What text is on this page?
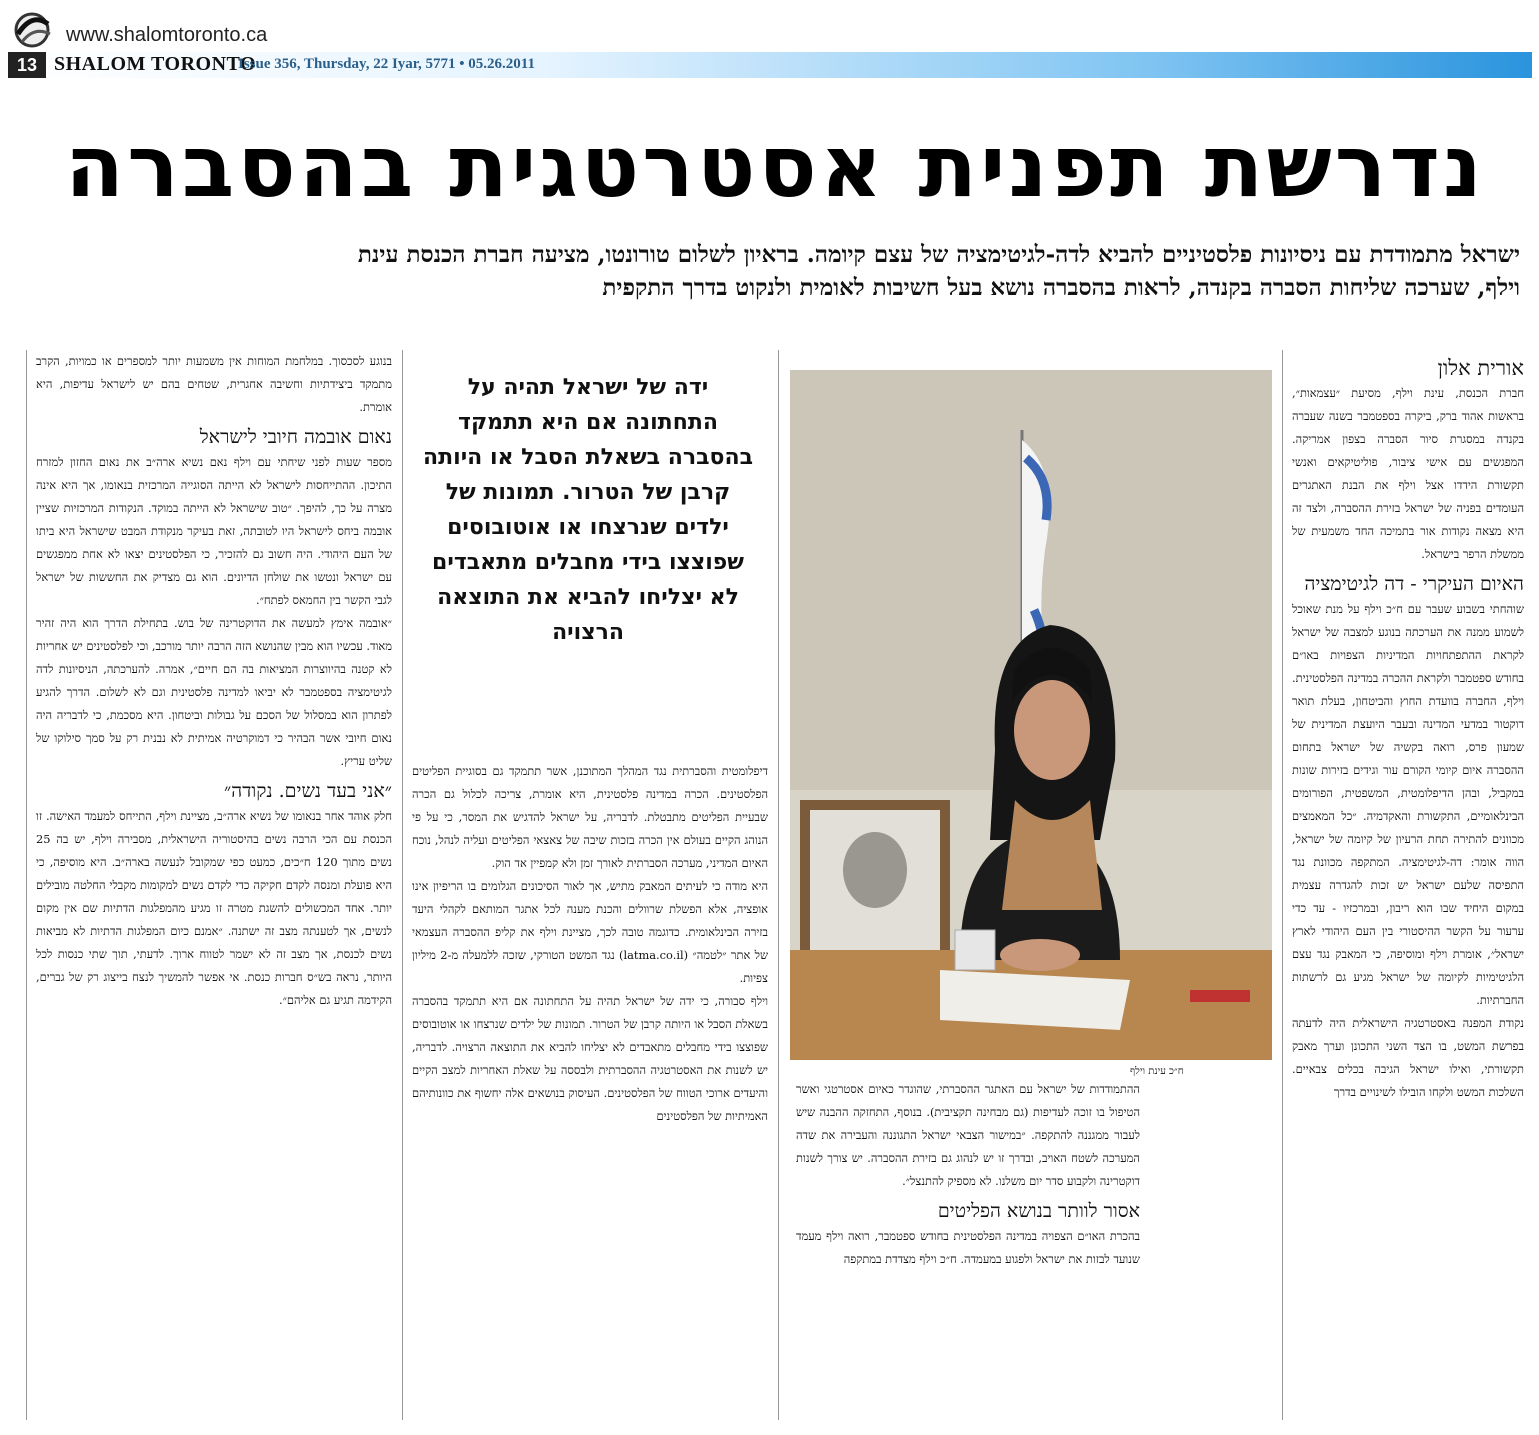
www.shalomtoronto.ca
13 SHALOM TORONTO
Issue 356, Thursday, 22 Iyar, 5771 • 05.26.2011
נדרשת תפנית אסטרטגית בהסברה

ישראל מתמודדת עם ניסיונות פלסטיניים להביא לדה-לגיטימציה של עצם קיומה. בראיון לשלום טורונטו, מציעה חברת הכנסת עינת

וילף, שערכה שליחות הסברה בקנדה, לראות בהסברה נושא בעל חשיבות לאומית ולנקוט בדרך התקפית

אורית אלון

חברת הכנסת, עינת וילף, מסיעת ״עצמאות״, בראשות אהוד ברק, ביקרה בספטמבר בשנה שעברה בקנדה במסגרת סיור הסברה בצפון אמריקה. המפגשים עם אישי ציבור, פוליטיקאים ואנשי תקשורת הידדו אצל וילף את הבנת האתגרים העומדים בפניה של ישראל בזירת ההסברה, ולצד זה היא מצאה נקודות אור בתמיכה החד משמעית של ממשלת הרפר בישראל.

האיום העיקרי - דה לגיטימציה

שוהחתי בשבוע שעבר עם ח״כ וילף על מנת שאוכל לשמוע ממנה את הערכתה בנוגע למצבה של ישראל לקראת ההתפתחויות המדיניות הצפויות באו״ם בחודש ספטמבר ולקראת ההכרה במדינה הפלסטינית. וילף, החברה בוועדת החוץ והביטחון, בעלת תואר דוקטור במדעי המדינה ובעבר היועצת המדינית של שמעון פרס, רואה בקשיה של ישראל בתחום ההסברה איום קיומי הקורם עור וגידים בזירות שונות במקביל, ובהן הדיפלומטית, המשפטית, הפורומים הבינלאומיים, התקשורת והאקדמיה. ״כל המאמצים מכוונים להתירה תחת הרעיון של קיומה של ישראל, הווה אומר: דה-לגיטימציה. המתקפה מכוונת נגד התפיסה שלעם ישראל יש זכות להגדרה עצמית במקום היחיד שבו הוא ריבון, ובמרכזיו - עד כדי ערעור על הקשר ההיסטורי בין העם היהודי לארץ ישראל״, אומרת וילף ומוסיפה, כי המאבק נגד עצם הלגיטימיות לקיומה של ישראל מגיע גם לרשתות החברתיות.

נקודת המפנה באסטרטגיה הישראלית היה לדעתה בפרשת המשט, בו הצד השני התכונן וערך מאבק תקשורתי, ואילו ישראל הגיבה בכלים צבאיים. השלכות המשט ולקחו הובילו לשינויים בדרך

ח״כ עינת וילף

ההתמודדות של ישראל עם האתגר ההסברתי, שהוגדר כאיום אסטרטגי ואשר הטיפול בו זוכה לעדיפות (גם מבחינה תקציבית). בנוסף, התחזקה ההבנה שיש לעבור ממגננה להתקפה. ״במישור הצבאי ישראל התגוננה והעבירה את שדה המערכה לשטח האויב, ובדרך זו יש לנהוג גם בזירת ההסברה. יש צורך לשנות דוקטרינה ולקבוע סדר יום משלנו. לא מספיק להתנצל״.

אסור לוותר בנושא הפליטים

בהכרת האו״ם הצפויה במדינה הפלסטינית בחודש ספטמבר, רואה וילף מעמד שנועד לבזות את ישראל ולפגוע במעמדה. ח״כ וילף מצדדת במתקפה

ידה של ישראל תהיה על התחתונה אם היא תתמקד בהסברה בשאלת הסבל או היותה קרבן של הטרור. תמונות של ילדים שנרצחו או אוטובוסים שפוצצו בידי מחבלים מתאבדים לא יצליחו להביא את התוצאה הרצויה

דיפלומטית והסברתית נגד המהלך המתוכנן, אשר תתמקד גם בסוגיית הפליטים הפלסטינים. הכרה במדינה פלסטינית, היא אומרת, צריכה לכלול גם הכרה שבעיית הפליטים מתבטלת. לדבריה, על ישראל להדגיש את המסר, כי על פי הנוהג הקיים בעולם אין הכרה בזכות שיבה של צאצאי הפליטים ועליה לנהל, נוכח האיום המדיני, מערכה הסברתית לאורך זמן ולא קמפיין אד הוק.

היא מודה כי לעיתים המאבק מתיש, אך לאור הסיכונים הגלומים בו הריפיון אינו אופציה, אלא הפשלת שרוולים והכנת מענה לכל אתגר המותאם לקהלי היעד בזירה הבינלאומית. כדוגמה טובה לכך, מציינת וילף את קליפ ההסברה העצמאי של אתר ״לטמה״ (latma.co.il) נגד המשט הטורקי, שזכה ללמעלה מ-2 מיליון צפיות.

וילף סבורה, כי ידה של ישראל תהיה על התחתונה אם היא תתמקד בהסברה בשאלת הסבל או היותה קרבן של הטרור. תמונות של ילדים שנרצחו או אוטובוסים שפוצצו בידי מחבלים מתאבדים לא יצליחו להביא את התוצאה הרצויה. לדבריה, יש לשנות את האסטרטגיה ההסברתית ולבססה על שאלת האחריות למצב הקיים והיעדים ארוכי הטווח של הפלסטינים. העיסוק בנושאים אלה יחשוף את כוונותיהם האמיתיות של הפלסטינים

בנוגע לסכסוך. במלחמת המוחות אין משמעות יותר למספרים או כמויות, הקרב מתמקד ביצידתיות וחשיבה אחגרית, שטחים בהם יש לישראל עדיפות, היא אומרת.

נאום אובמה חיובי לישראל

מספר שעות לפני שיחתי עם וילף נאם נשיא ארה״ב את נאום החזון למזרח התיכון. ההתייחסות לישראל לא הייתה הסוגייה המרכזית בנאומו, אך היא אינה מצרה על כך, להיפך. ״טוב שישראל לא הייתה במוקד. הנקודות המרכזיות שציין אובמה ביחס לישראל היו לטובתה, זאת בעיקר מנקודת המבט שישראל היא ביתו של העם היהודי. היה חשוב גם להזכיר, כי הפלסטינים יצאו לא אחת ממפגשים עם ישראל ונטשו את שולחן הדיונים. הוא גם מצדיק את החששות של ישראל לגבי הקשר בין החמאס לפתח״.

״אובמה אימץ למעשה את הדוקטרינה של בוש. בתחילת הדרך הוא היה זהיר מאוד. עכשיו הוא מבין שהנושא הזה הרבה יותר מורכב, וכי לפלסטינים יש אחריות לא קטנה בהיווצרות המציאות בה הם חיים״, אמרה. להערכתה, הניסיונות לדה לגיטימציה בספטמבר לא יביאו למדינה פלסטינית וגם לא לשלום. הדרך להגיע לפתרון הוא במסלול של הסכם על גבולות וביטחון. היא מסכמת, כי לדבריה היה נאום חיובי אשר הבהיר כי דמוקרטיה אמיתית לא נבנית רק על סמך סילוקו של שליט עריץ.

״אני בעד נשים. נקודה״

חלק אוהד אחר בנאומו של נשיא ארה״ב, מציינת וילף, התייחס למעמד האישה. זו הכנסת עם הכי הרבה נשים בהיסטוריה הישראלית, מסבירה וילף, יש בה 25 נשים מתוך 120 ח״כים, כמעט כפי שמקובל לנעשה בארה״ב. היא מוסיפה, כי היא פועלת ומנסה לקדם חקיקה כדי לקדם נשים למקומות מקבלי החלטה מובילים יותר. אחד המכשולים להשגת מטרה זו מגיע מהמפלגות הדתיות שם אין מקום לנשים, אך לטענתה מצב זה ישתנה. ״אמנם כיום המפלגות הדתיות לא מביאות נשים לכנסת, אך מצב זה לא ישמר לטווח ארוך. לדעתי, תוך שתי כנסות לכל היותר, נראה בש״ס חברות כנסת. אי אפשר להמשיך לנצח בייצוג רק של גברים, הקידמה תגיע גם אליהם״.
